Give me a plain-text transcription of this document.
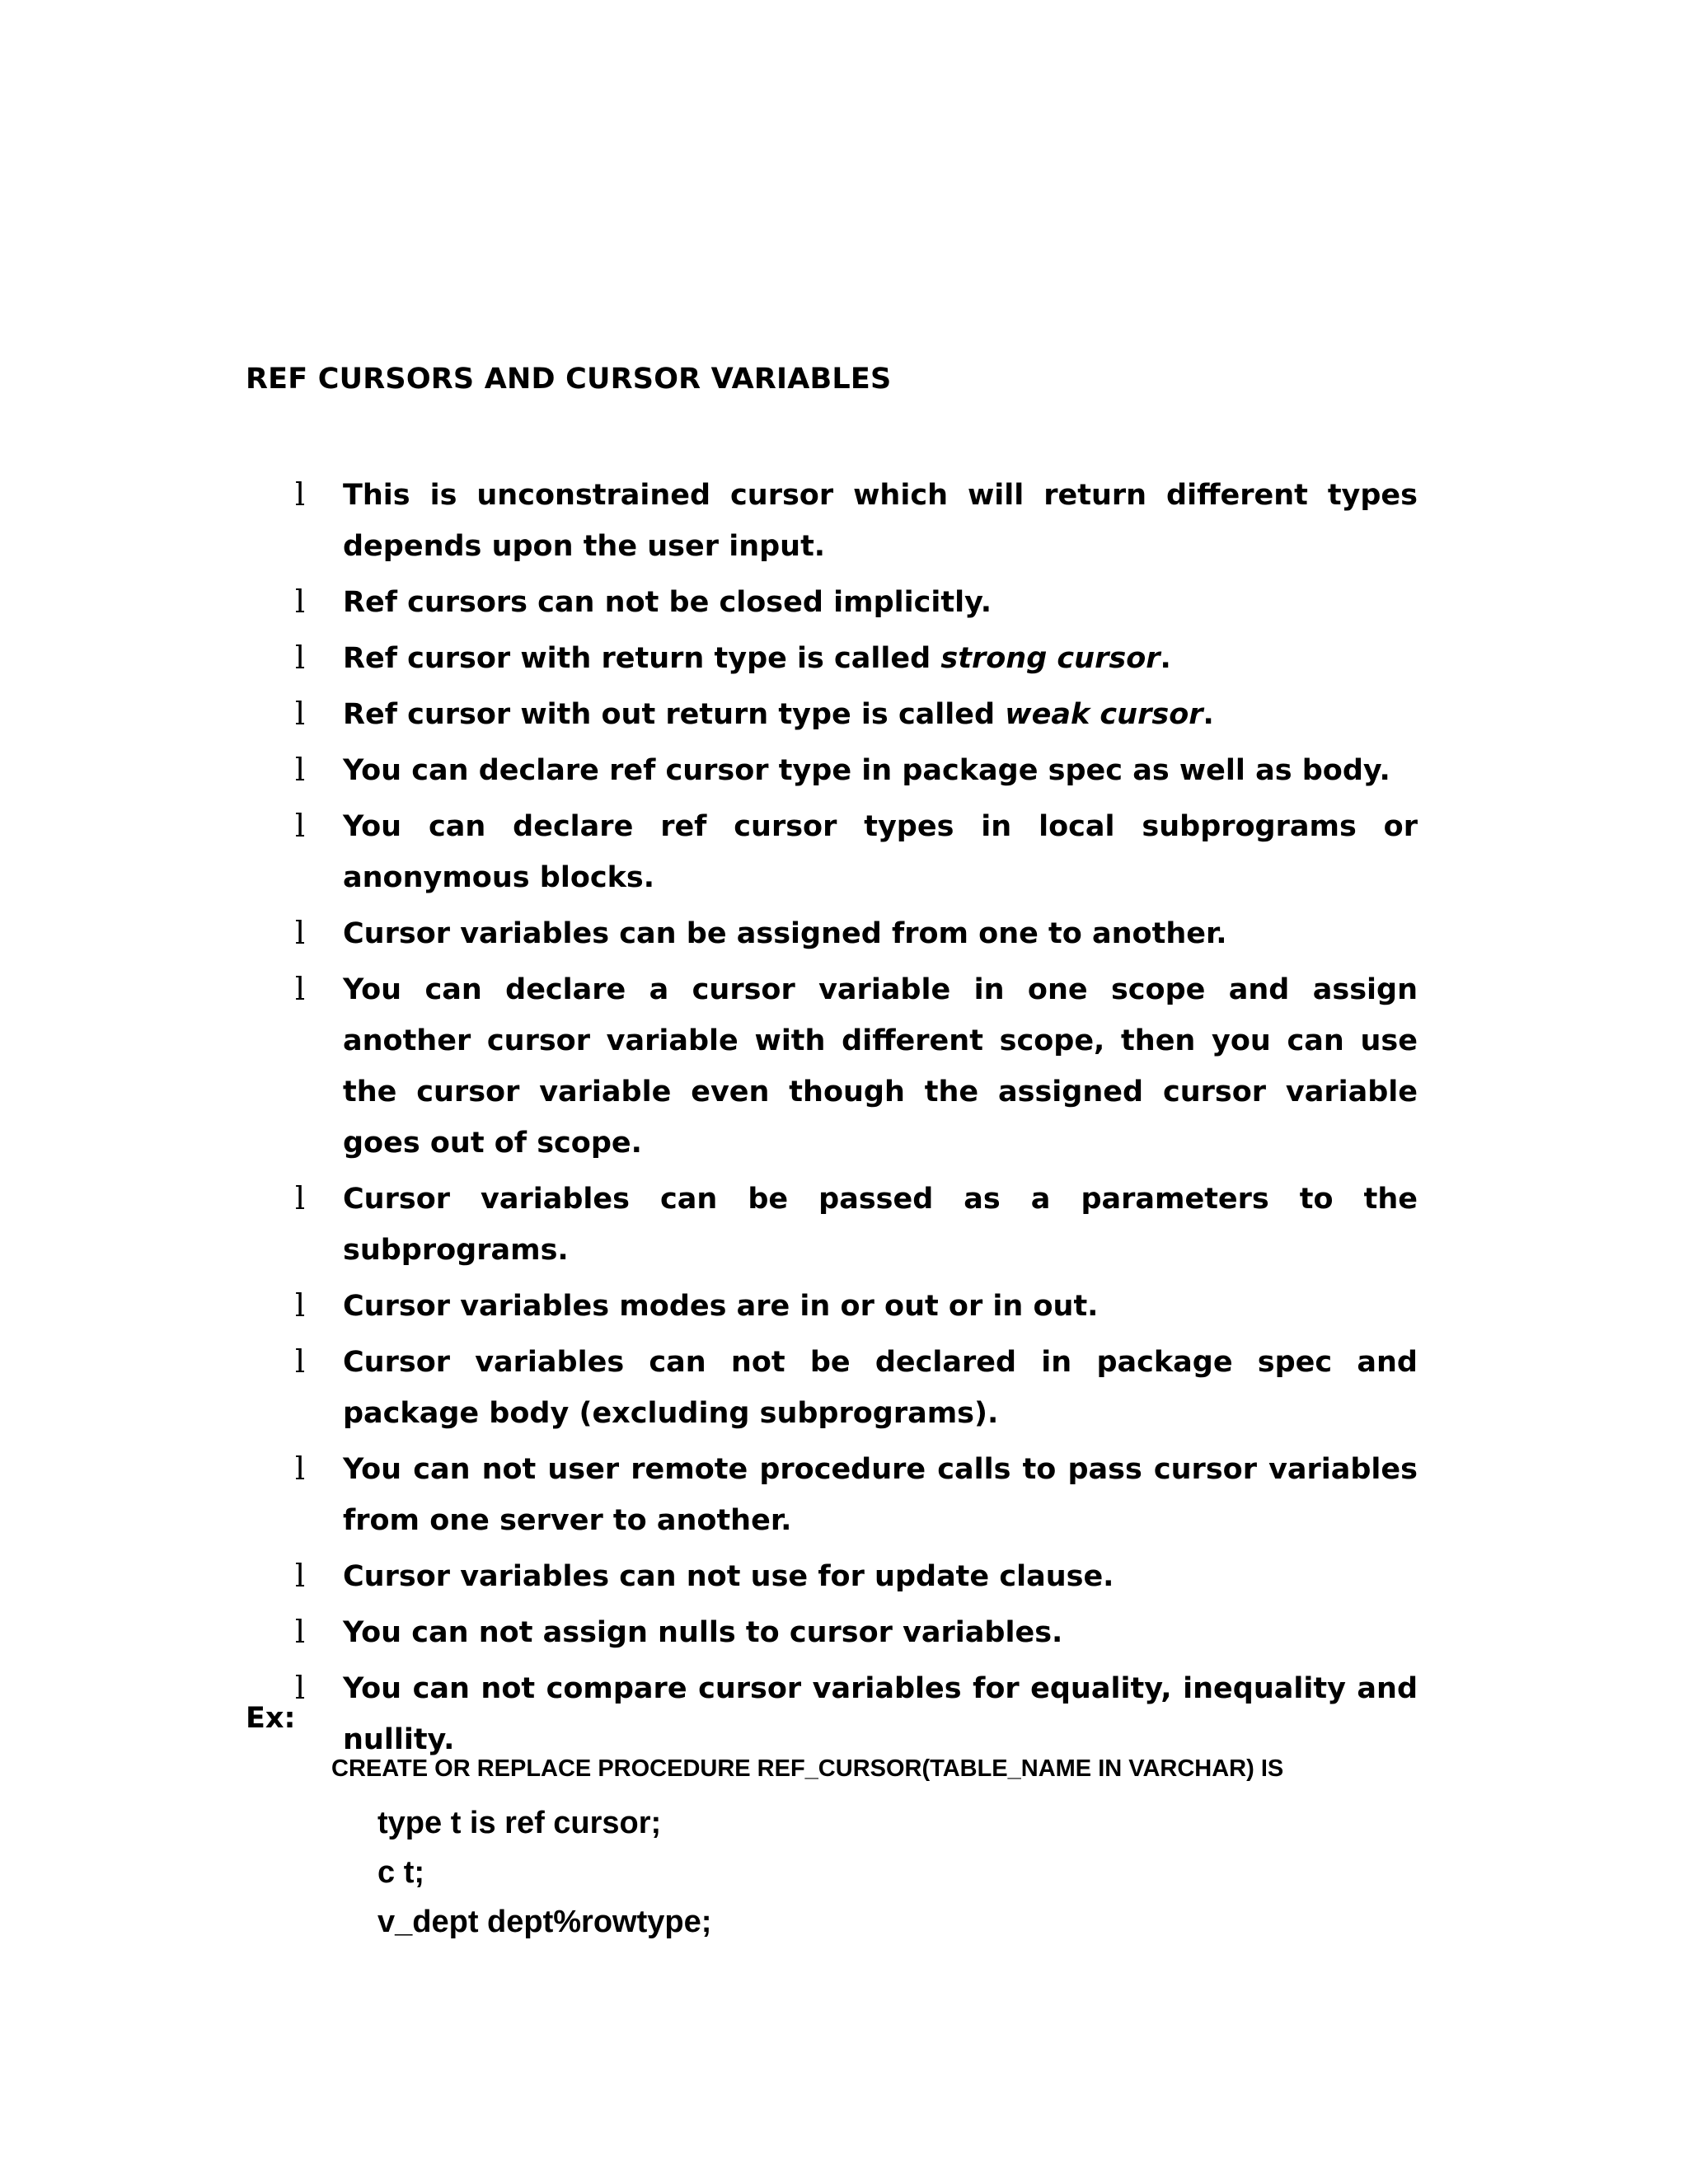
REF CURSORS AND CURSOR VARIABLES
l This is unconstrained cursor which will return different types depends upon the user input.
l Ref cursors can not be closed implicitly.
l Ref cursor with return type is called strong cursor.
l Ref cursor with out return type is called weak cursor.
l You can declare ref cursor type in package spec as well as body.
l You can declare ref cursor types in local subprograms or anonymous blocks.
l Cursor variables can be assigned from one to another.
l You can declare a cursor variable in one scope and assign another cursor variable with different scope, then you can use the cursor variable even though the assigned cursor variable goes out of scope.
l Cursor variables can be passed as a parameters to the subprograms.
l Cursor variables modes are in or out or in out.
l Cursor variables can not be declared in package spec and package body (excluding subprograms).
l You can not user remote procedure calls to pass cursor variables from one server to another.
l Cursor variables can not use for update clause.
l You can not assign nulls to cursor variables.
l You can not compare cursor variables for equality, inequality and nullity.

Ex:

CREATE OR REPLACE PROCEDURE REF_CURSOR(TABLE_NAME IN VARCHAR) IS

type t is ref cursor;
c t;
v_dept dept%rowtype;
